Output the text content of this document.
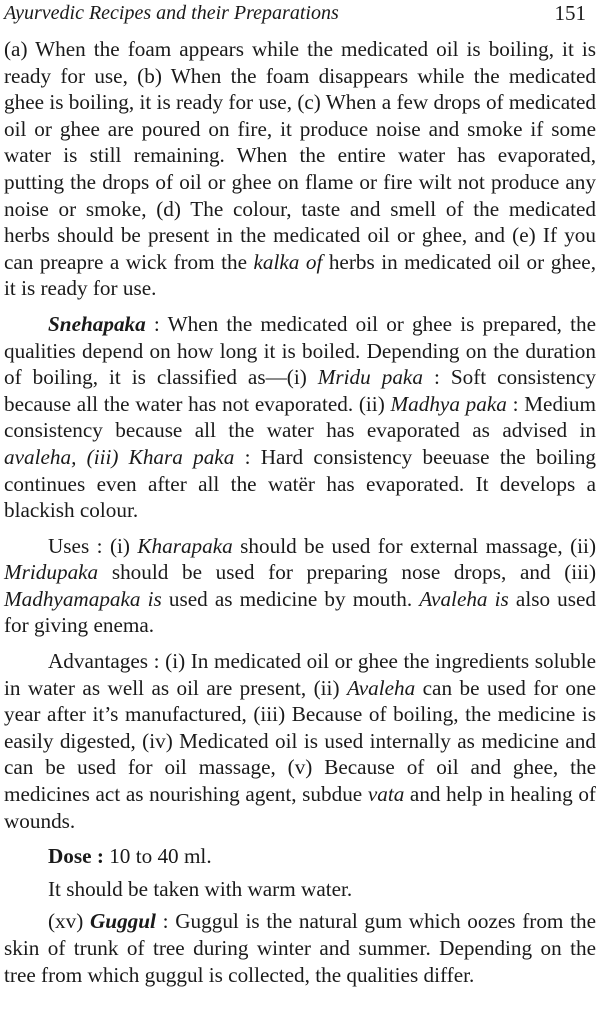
Ayurvedic Recipes and their Preparations	151

(a) When the foam appears while the medicated oil is boiling, it is ready for use, (b) When the foam disappears while the medicated ghee is boiling, it is ready for use, (c) When a few drops of medicated oil or ghee are poured on fire, it produce noise and smoke if some water is still remaining. When the entire water has evaporated, putting the drops of oil or ghee on flame or fire wilt not produce any noise or smoke, (d) The colour, taste and smell of the medicated herbs should be present in the medicated oil or ghee, and (e) If you can preapre a wick from the kalka of herbs in medicated oil or ghee, it is ready for use.

Snehapaka : When the medicated oil or ghee is prepared, the qualities depend on how long it is boiled. Depending on the duration of boiling, it is classified as—(i) Mridu paka : Soft consistency because all the water has not evaporated. (ii) Madhya paka : Medium consistency because all the water has evaporated as advised in avaleha, (iii) Khara paka : Hard consistency beeuase the boiling continues even after all the watër has evaporated. It develops a blackish colour.

Uses : (i) Kharapaka should be used for external massage, (ii) Mridupaka should be used for preparing nose drops, and (iii) Madhyamapaka is used as medicine by mouth. Avaleha is also used for giving enema.

Advantages : (i) In medicated oil or ghee the ingredients soluble in water as well as oil are present, (ii) Avaleha can be used for one year after it’s manufactured, (iii) Because of boiling, the medicine is easily digested, (iv) Medicated oil is used internally as medicine and can be used for oil massage, (v) Because of oil and ghee, the medicines act as nourishing agent, subdue vata and help in healing of wounds.

Dose : 10 to 40 ml.

It should be taken with warm water.

(xv) Guggul : Guggul is the natural gum which oozes from the skin of trunk of tree during winter and summer. Depending on the tree from which guggul is collected, the qualities differ.
